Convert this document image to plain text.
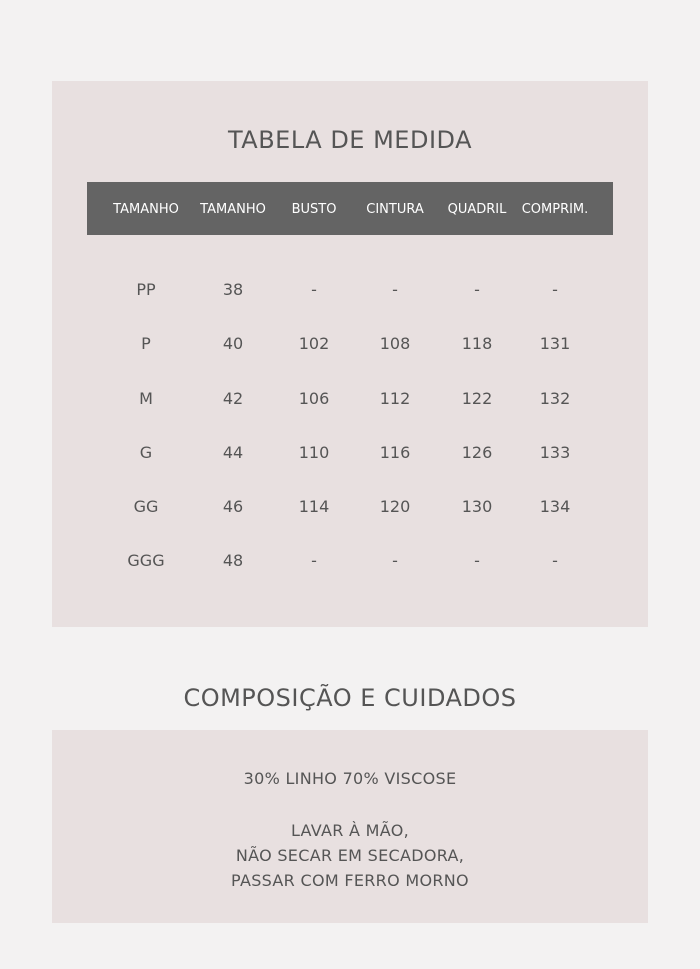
TABELA DE MEDIDA
TAMANHO TAMANHO BUSTO CINTURA QUADRIL COMPRIM.
PP	38	-	-	-	-
P	40	102	108	118	131
M	42	106	112	122	132
G	44	110	116	126	133
GG	46	114	120	130	134
GGG	48	-	-	-	-
COMPOSIÇÃO E CUIDADOS
30% LINHO 70% VISCOSE
LAVAR À MÃO,
NÃO SECAR EM SECADORA,
PASSAR COM FERRO MORNO
